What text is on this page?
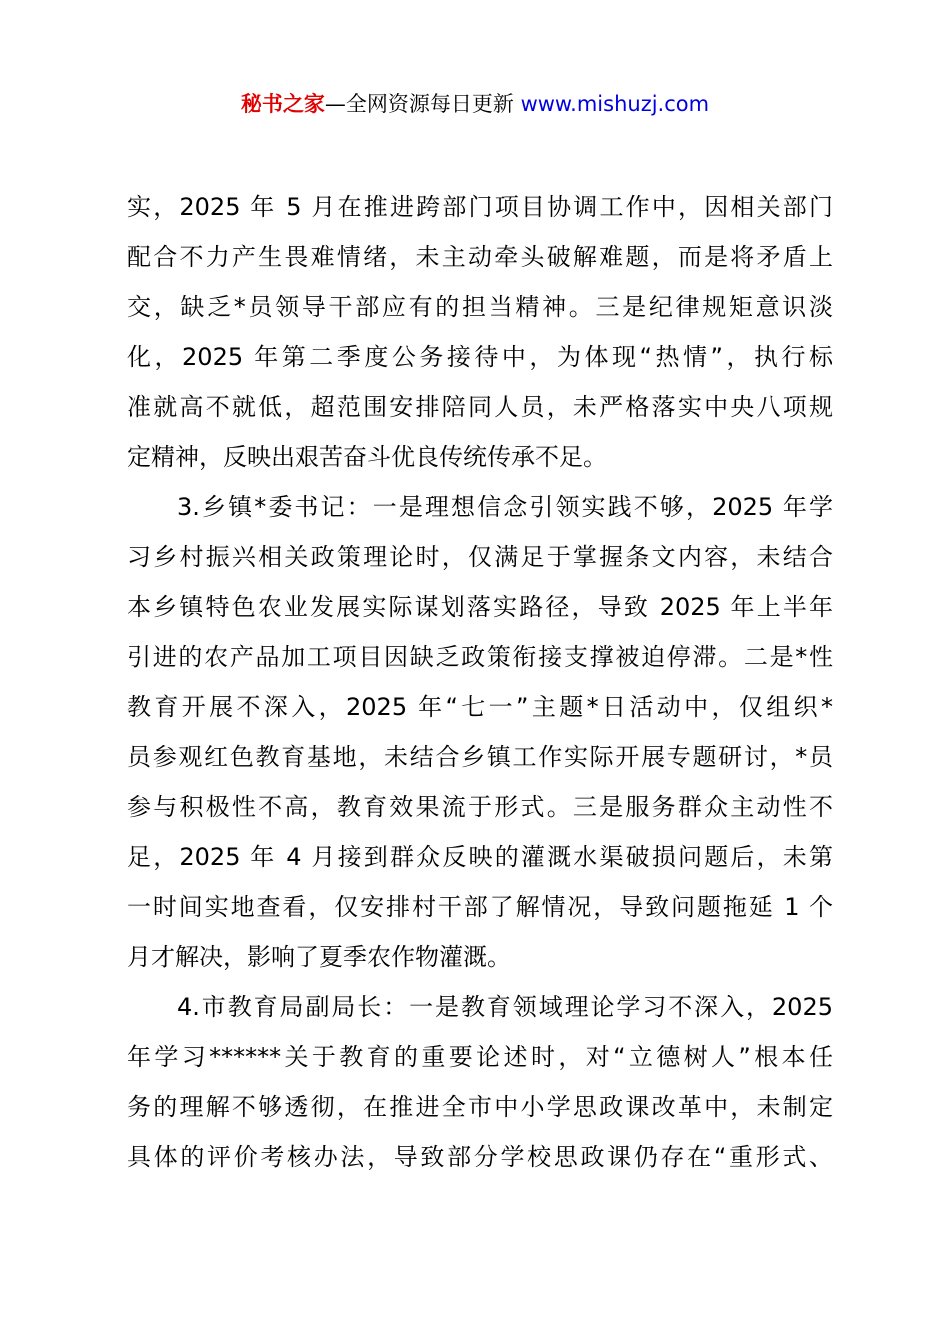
秘书之家—全网资源每日更新 www.mishuzj.com
实，2025 年 5 月在推进跨部门项目协调工作中，因相关部门
配合不力产生畏难情绪，未主动牵头破解难题，而是将矛盾上
交，缺乏*员领导干部应有的担当精神。三是纪律规矩意识淡
化，2025 年第二季度公务接待中，为体现“热情”，执行标
准就高不就低，超范围安排陪同人员，未严格落实中央八项规
定精神，反映出艰苦奋斗优良传统传承不足。
3.乡镇*委书记：一是理想信念引领实践不够，2025 年学
习乡村振兴相关政策理论时，仅满足于掌握条文内容，未结合
本乡镇特色农业发展实际谋划落实路径，导致 2025 年上半年
引进的农产品加工项目因缺乏政策衔接支撑被迫停滞。二是*性
教育开展不深入，2025 年“七一”主题*日活动中，仅组织*
员参观红色教育基地，未结合乡镇工作实际开展专题研讨，*员
参与积极性不高，教育效果流于形式。三是服务群众主动性不
足，2025 年 4 月接到群众反映的灌溉水渠破损问题后，未第
一时间实地查看，仅安排村干部了解情况，导致问题拖延 1 个
月才解决，影响了夏季农作物灌溉。
4.市教育局副局长：一是教育领域理论学习不深入，2025
年学习******关于教育的重要论述时，对“立德树人”根本任
务的理解不够透彻，在推进全市中小学思政课改革中，未制定
具体的评价考核办法，导致部分学校思政课仍存在“重形式、
